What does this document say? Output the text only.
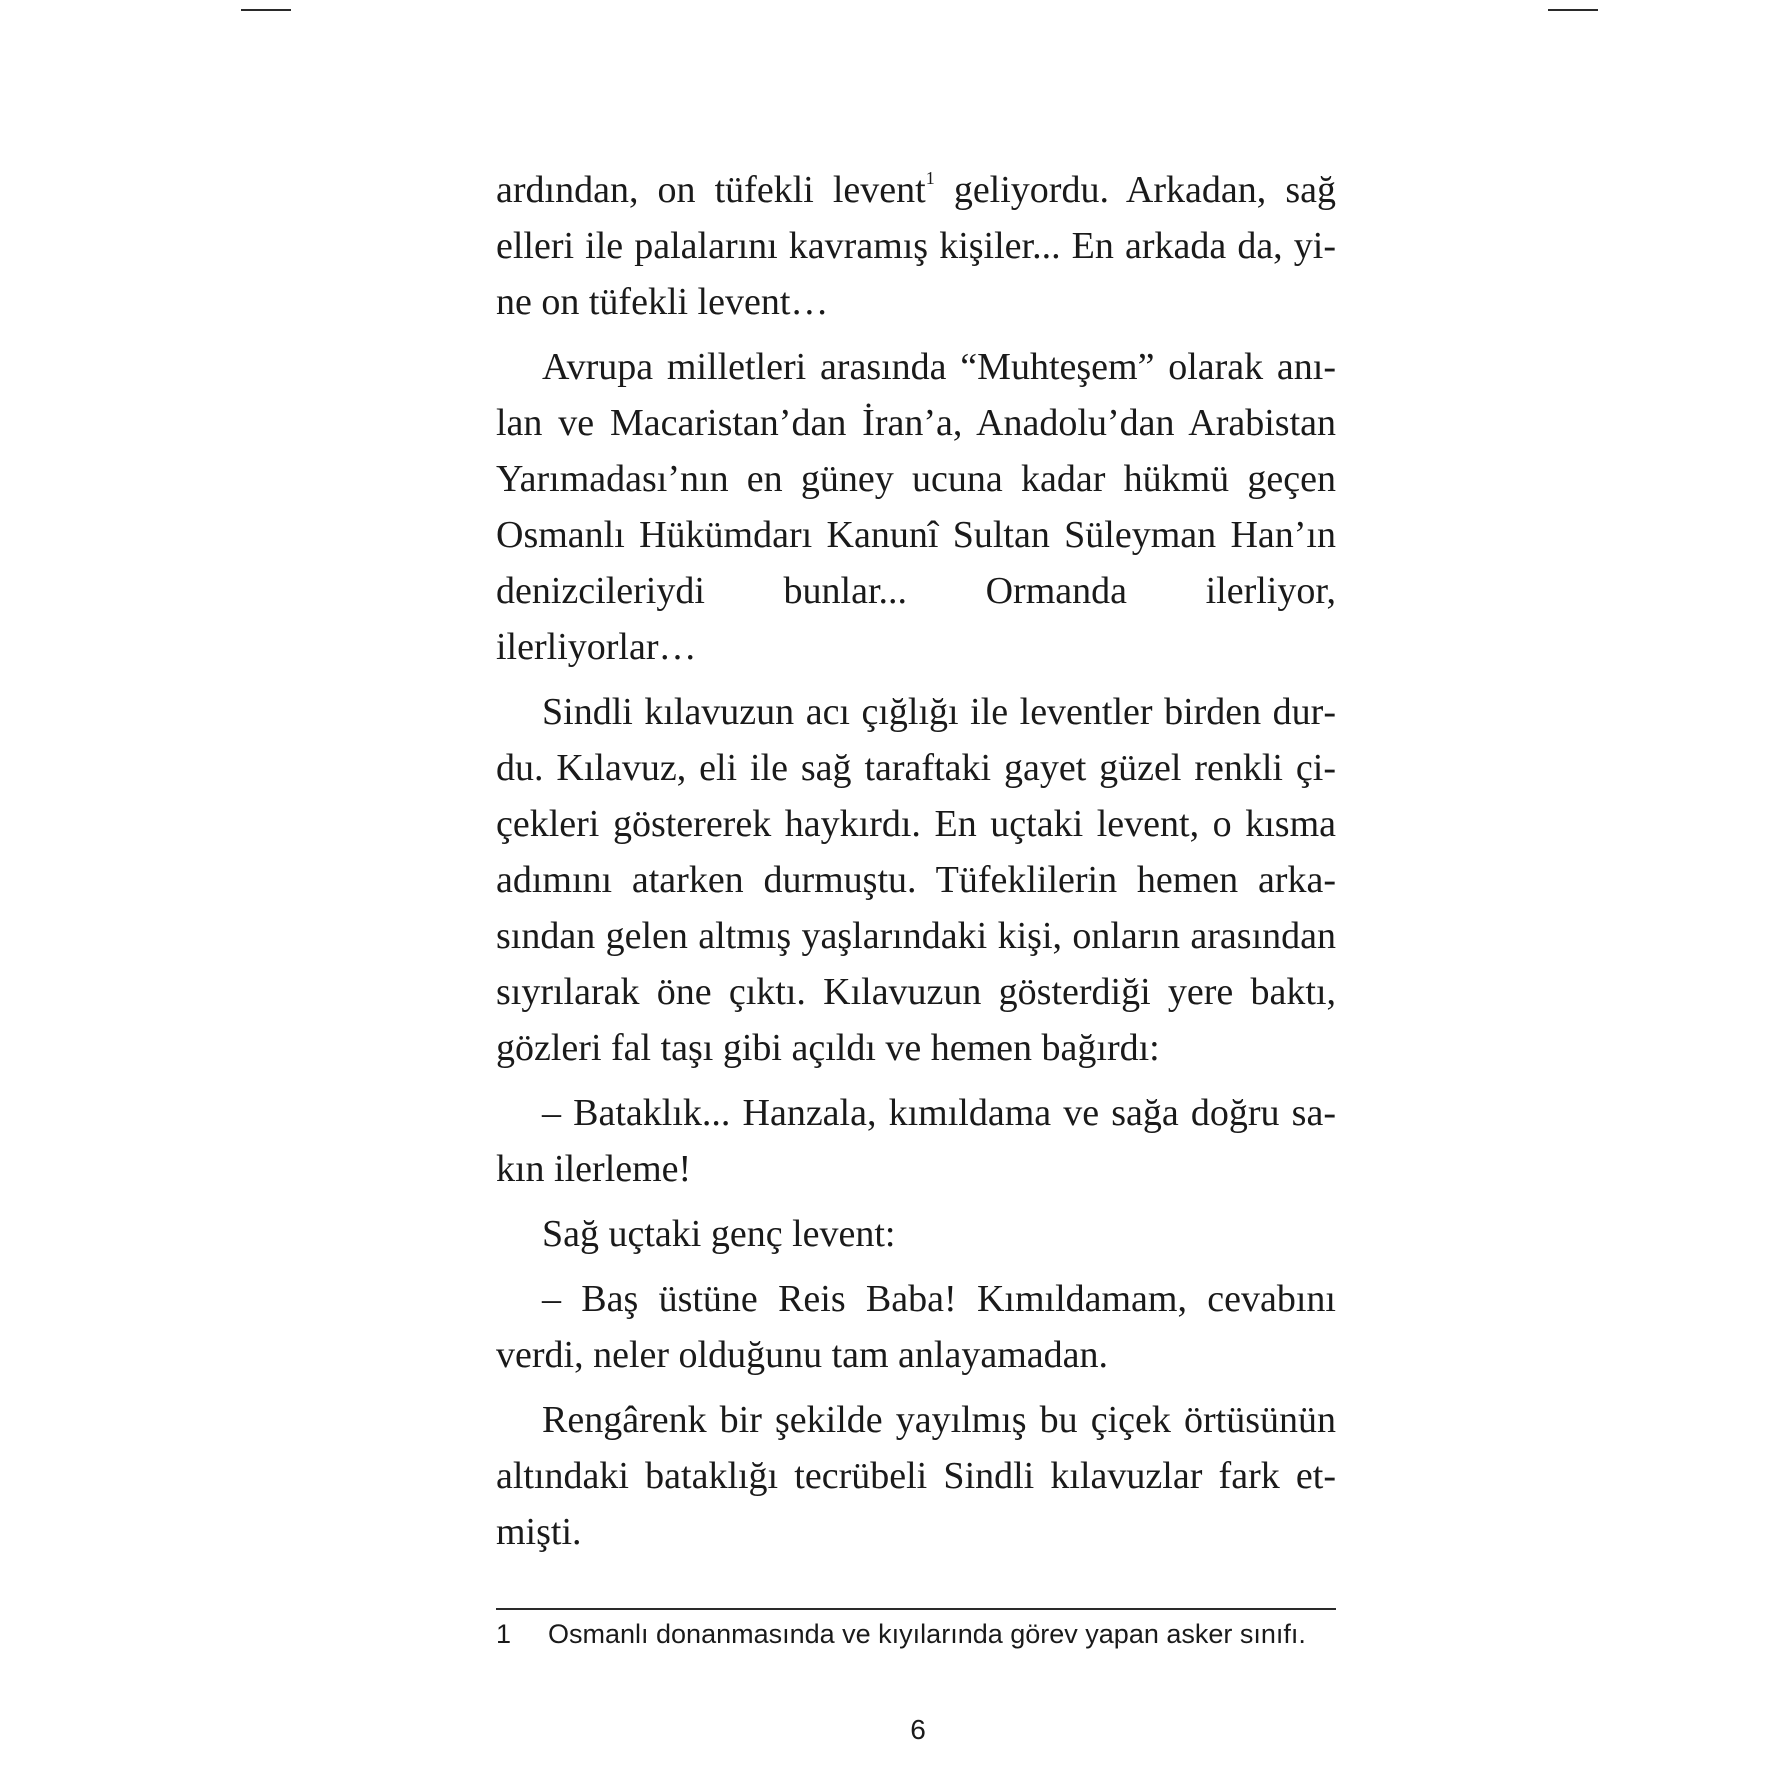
ardından, on tüfekli levent$^1$ geliyordu. Arkadan, sağ elleri ile palalarını kavramış kişiler... En arkada da, yine on tüfekli levent…

Avrupa milletleri arasında “Muhteşem” olarak anılan ve Macaristan’dan İran’a, Anadolu’dan Arabistan Yarımadası’nın en güney ucuna kadar hükmü geçen Osmanlı Hükümdarı Kanunî Sultan Süleyman Han’ın denizcileriydi bunlar... Ormanda ilerliyor, ilerliyorlar…

Sindli kılavuzun acı çığlığı ile leventler birden durdu. Kılavuz, eli ile sağ taraftaki gayet güzel renkli çiçekleri göstererek haykırdı. En uçtaki levent, o kısma adımını atarken durmuştu. Tüfeklilerin hemen arkasından gelen altmış yaşlarındaki kişi, onların arasından sıyrılarak öne çıktı. Kılavuzun gösterdiği yere baktı, gözleri fal taşı gibi açıldı ve hemen bağırdı:

– Bataklık... Hanzala, kımıldama ve sağa doğru sakın ilerleme!

Sağ uçtaki genç levent:

– Baş üstüne Reis Baba! Kımıldamam, cevabını verdi, neler olduğunu tam anlayamadan.

Rengârenk bir şekilde yayılmış bu çiçek örtüsünün altındaki bataklığı tecrübeli Sindli kılavuzlar fark etmişti.

1	Osmanlı donanmasında ve kıyılarında görev yapan asker sınıfı.
6
